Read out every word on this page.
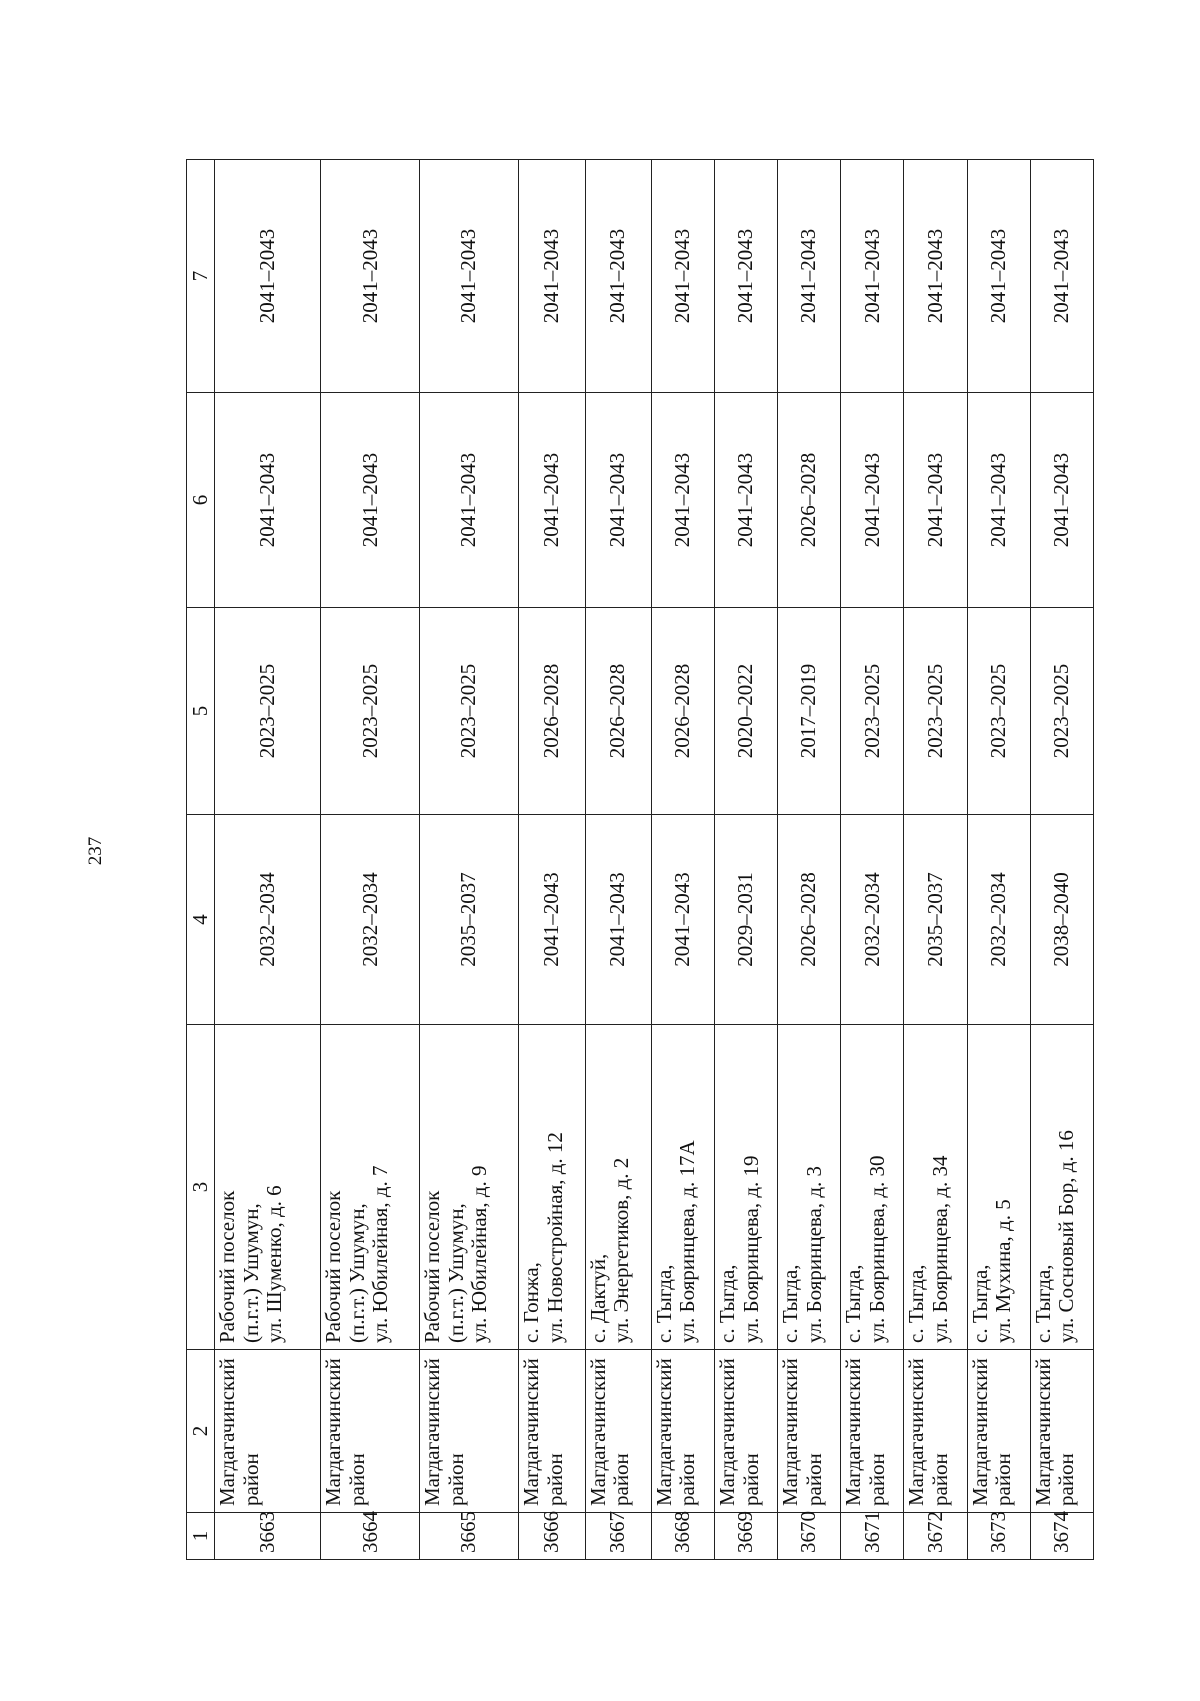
237
1	2	3	4	5	6	7
3663	Магдагачинский район	Рабочий поселок (п.г.т.) Ушумун, ул. Шуменко, д. 6	2032–2034	2023–2025	2041–2043	2041–2043
3664	Магдагачинский район	Рабочий поселок (п.г.т.) Ушумун, ул. Юбилейная, д. 7	2032–2034	2023–2025	2041–2043	2041–2043
3665	Магдагачинский район	Рабочий поселок (п.г.т.) Ушумун, ул. Юбилейная, д. 9	2035–2037	2023–2025	2041–2043	2041–2043
3666	Магдагачинский район	с. Гонжа, ул. Новостройная, д. 12	2041–2043	2026–2028	2041–2043	2041–2043
3667	Магдагачинский район	с. Дактуй, ул. Энергетиков, д. 2	2041–2043	2026–2028	2041–2043	2041–2043
3668	Магдагачинский район	с. Тыгда, ул. Бояринцева, д. 17А	2041–2043	2026–2028	2041–2043	2041–2043
3669	Магдагачинский район	с. Тыгда, ул. Бояринцева, д. 19	2029–2031	2020–2022	2041–2043	2041–2043
3670	Магдагачинский район	с. Тыгда, ул. Бояринцева, д. 3	2026–2028	2017–2019	2026–2028	2041–2043
3671	Магдагачинский район	с. Тыгда, ул. Бояринцева, д. 30	2032–2034	2023–2025	2041–2043	2041–2043
3672	Магдагачинский район	с. Тыгда, ул. Бояринцева, д. 34	2035–2037	2023–2025	2041–2043	2041–2043
3673	Магдагачинский район	с. Тыгда, ул. Мухина, д. 5	2032–2034	2023–2025	2041–2043	2041–2043
3674	Магдагачинский район	с. Тыгда, ул. Сосновый Бор, д. 16	2038–2040	2023–2025	2041–2043	2041–2043
